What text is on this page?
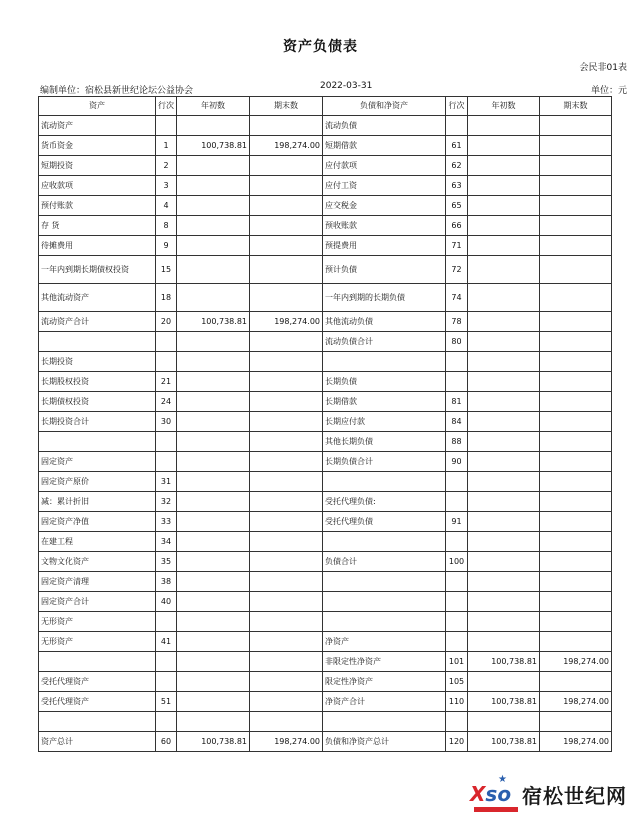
资产负债表
会民非01表
编制单位：宿松县新世纪论坛公益协会	2022-03-31	单位：元
资产	行次	年初数	期末数	负债和净资产	行次	年初数	期末数
流动资产				流动负债			
货币资金	1	100,738.81	198,274.00	短期借款	61		
短期投资	2			应付款项	62		
应收款项	3			应付工资	63		
预付账款	4			应交税金	65		
存 货	8			预收账款	66		
待摊费用	9			预提费用	71		
一年内到期长期债权投资	15			预计负债	72		
其他流动资产	18			一年内到期的长期负债	74		
流动资产合计	20	100,738.81	198,274.00	其他流动负债	78		
				流动负债合计	80		
长期投资							
长期股权投资	21			长期负债			
长期债权投资	24			长期借款	81		
长期投资合计	30			长期应付款	84		
				其他长期负债	88		
固定资产				长期负债合计	90		
固定资产原价	31						
减：累计折旧	32			受托代理负债:			
固定资产净值	33			受托代理负债	91		
在建工程	34						
文物文化资产	35			负债合计	100		
固定资产清理	38						
固定资产合计	40						
无形资产							
无形资产	41			净资产			
				非限定性净资产	101	100,738.81	198,274.00
受托代理资产				限定性净资产	105		
受托代理资产	51			净资产合计	110	100,738.81	198,274.00

资产总计	60	100,738.81	198,274.00	负债和净资产总计	120	100,738.81	198,274.00
Xso
★
宿松世纪网
